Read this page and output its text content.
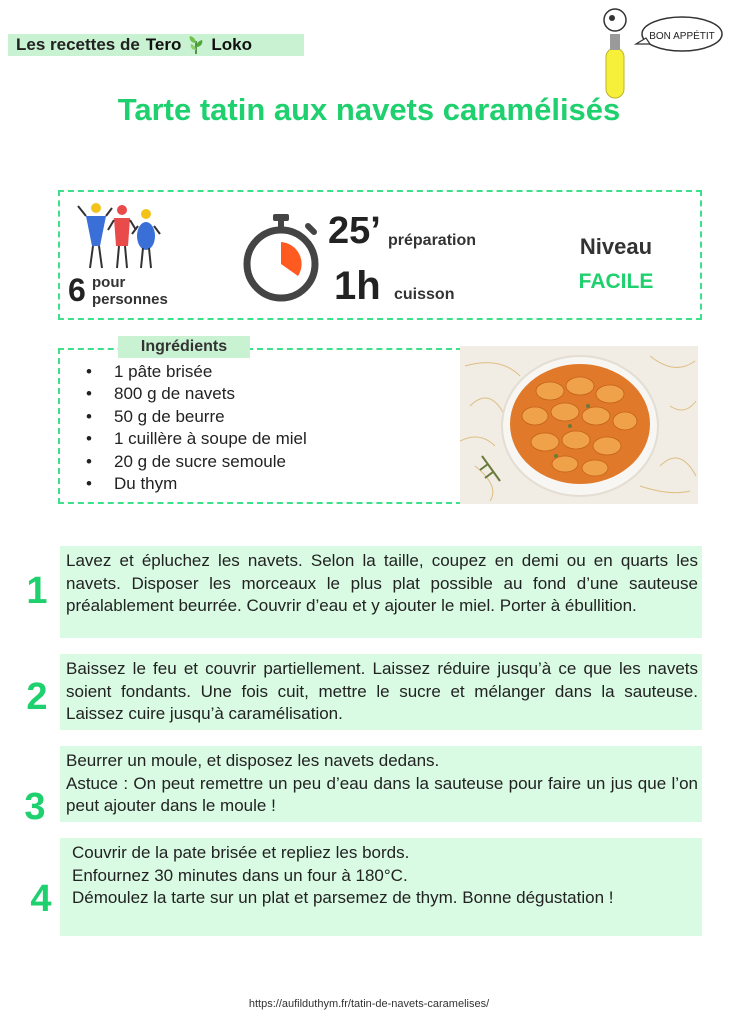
Les recettes de Tero Loko	BON APPÉTIT
Tarte tatin aux navets caramélisés
6 pour
personnes
25’ préparation
1h cuisson
Niveau
FACILE
Ingrédients
• 1 pâte brisée
• 800 g de navets
• 50 g de beurre
• 1 cuillère à soupe de miel
• 20 g de sucre semoule
• Du thym
1

Lavez et épluchez les navets. Selon la taille, coupez en demi ou en quarts les navets. Disposer les morceaux le plus plat possible au fond d’une sauteuse préalablement beurrée. Couvrir d’eau et y ajouter le miel. Porter à ébullition.

2

Baissez le feu et couvrir partiellement. Laissez réduire jusqu’à ce que les navets soient fondants. Une fois cuit, mettre le sucre et mélanger dans la sauteuse. Laissez cuire jusqu’à caramélisation.

3

Beurrer un moule, et disposez les navets dedans.

Astuce : On peut remettre un peu d’eau dans la sauteuse pour faire un jus que l’on peut ajouter dans le moule !

4

Couvrir de la pate brisée et repliez les bords.

Enfournez 30 minutes dans un four à 180°C.

Démoulez la tarte sur un plat et parsemez de thym. Bonne dégustation !

https://aufilduthym.fr/tatin-de-navets-caramelises/
